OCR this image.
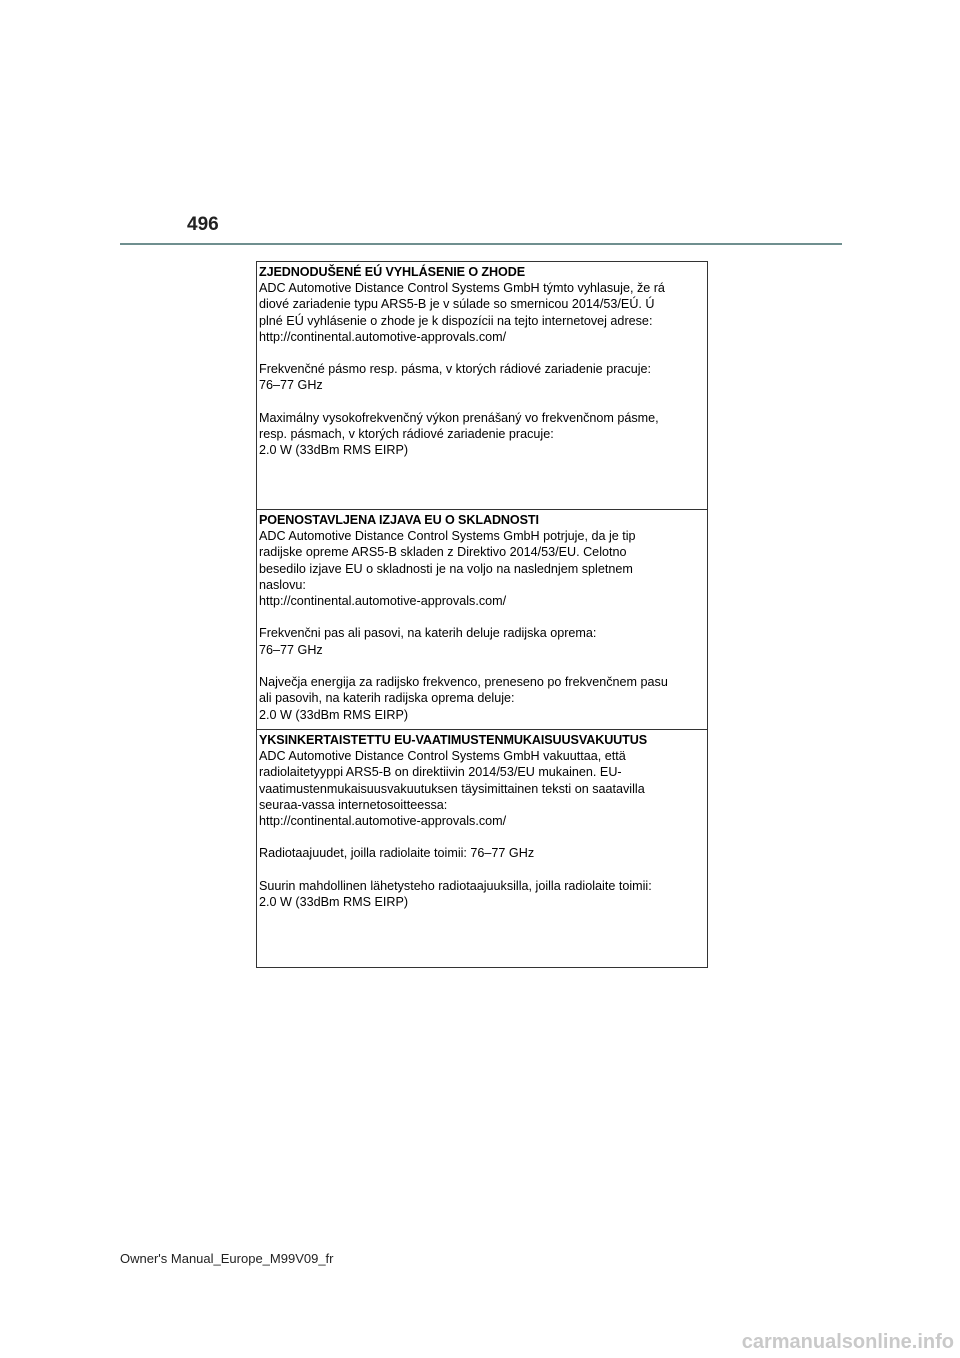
496
ZJEDNODUŠENÉ EÚ VYHLÁSENIE O ZHODE
ADC Automotive Distance Control Systems GmbH týmto vyhlasuje, že rá
diové zariadenie typu ARS5-B je v súlade so smernicou 2014/53/EÚ. Ú
plné EÚ vyhlásenie o zhode je k dispozícii na tejto internetovej adrese:
http://continental.automotive-approvals.com/
Frekvenčné pásmo resp. pásma, v ktorých rádiové zariadenie pracuje:
76–77 GHz
Maximálny vysokofrekvenčný výkon prenášaný vo frekvenčnom pásme,
resp. pásmach, v ktorých rádiové zariadenie pracuje:
2.0 W (33dBm RMS EIRP)
POENOSTAVLJENA IZJAVA EU O SKLADNOSTI
ADC Automotive Distance Control Systems GmbH potrjuje, da je tip
radijske opreme ARS5-B skladen z Direktivo 2014/53/EU. Celotno
besedilo izjave EU o skladnosti je na voljo na naslednjem spletnem
naslovu:
http://continental.automotive-approvals.com/
Frekvenčni pas ali pasovi, na katerih deluje radijska oprema:
76–77 GHz
Največja energija za radijsko frekvenco, preneseno po frekvenčnem pasu
ali pasovih, na katerih radijska oprema deluje:
2.0 W (33dBm RMS EIRP)
YKSINKERTAISTETTU EU-VAATIMUSTENMUKAISUUSVAKUUTUS
ADC Automotive Distance Control Systems GmbH vakuuttaa, että
radiolaitetyyppi ARS5-B on direktiivin 2014/53/EU mukainen. EU-
vaatimustenmukaisuusvakuutuksen täysimittainen teksti on saatavilla
seuraa-vassa internetosoitteessa:
http://continental.automotive-approvals.com/
Radiotaajuudet, joilla radiolaite toimii: 76–77 GHz
Suurin mahdollinen lähetysteho radiotaajuuksilla, joilla radiolaite toimii:
2.0 W (33dBm RMS EIRP)
Owner's Manual_Europe_M99V09_fr
carmanualsonline.info
